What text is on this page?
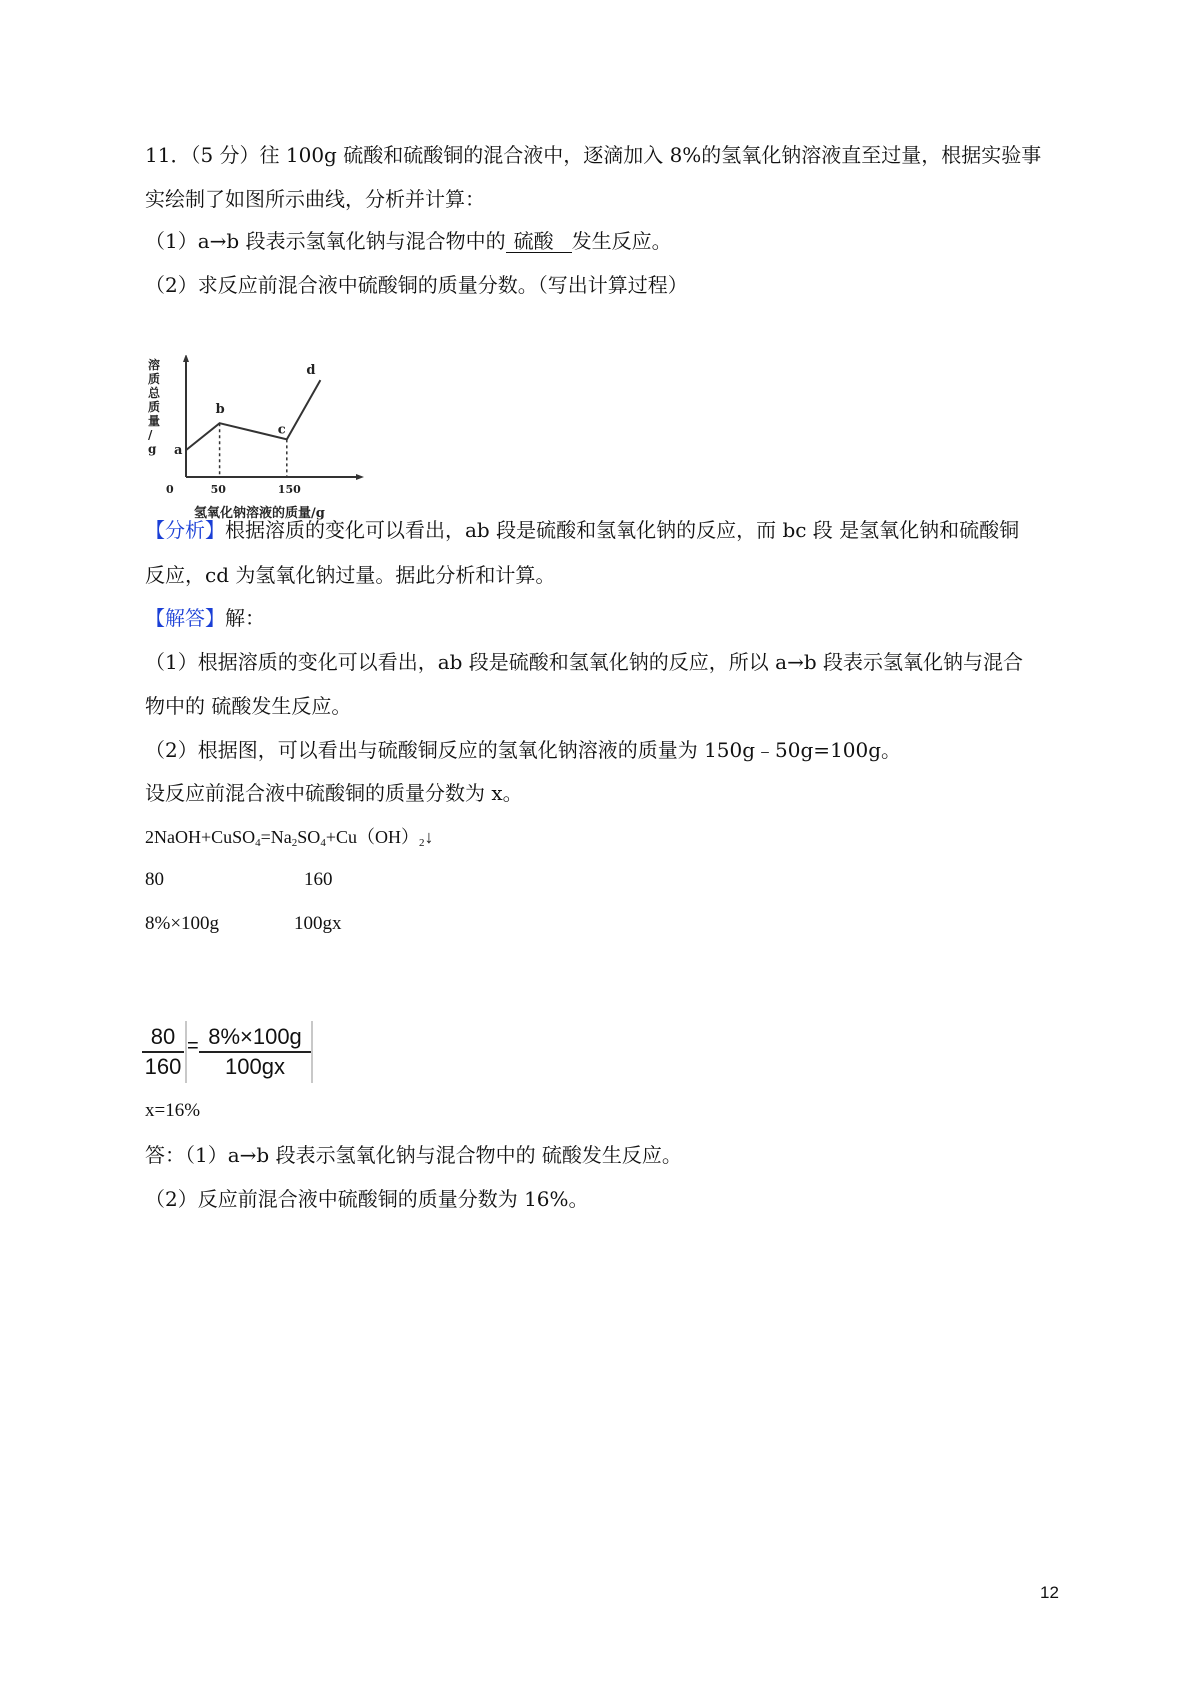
11．（5 分）往 100g 硫酸和硫酸铜的混合液中，逐滴加入 8%的氢氧化钠溶液直至过量，根据实验事
实绘制了如图所示曲线，分析并计算：
（1）a→b 段表示氢氧化钠与混合物中的 硫酸 发生反应。
（2）求反应前混合液中硫酸铜的质量分数。（写出计算过程）
a
b
c
d
0	50	150
氢氧化钠溶液的质量/g
溶
质
总
质
量
/
g
【分析】根据溶质的变化可以看出，ab 段是硫酸和氢氧化钠的反应，而 bc 段 是氢氧化钠和硫酸铜
反应，cd 为氢氧化钠过量。据此分析和计算。
【解答】解：
（1）根据溶质的变化可以看出，ab 段是硫酸和氢氧化钠的反应，所以 a→b 段表示氢氧化钠与混合
物中的 硫酸发生反应。
（2）根据图，可以看出与硫酸铜反应的氢氧化钠溶液的质量为 150g﹣50g=100g。
设反应前混合液中硫酸铜的质量分数为 x。
$2NaOH+CuSO_4=Na_2SO_4+Cu(OH)_2↓$
80	160
8%×100g	100gx
80
160
= 8%×100g
100gx
x=16%
答：（1）a→b 段表示氢氧化钠与混合物中的 硫酸发生反应。
（2）反应前混合液中硫酸铜的质量分数为 16%。
12
